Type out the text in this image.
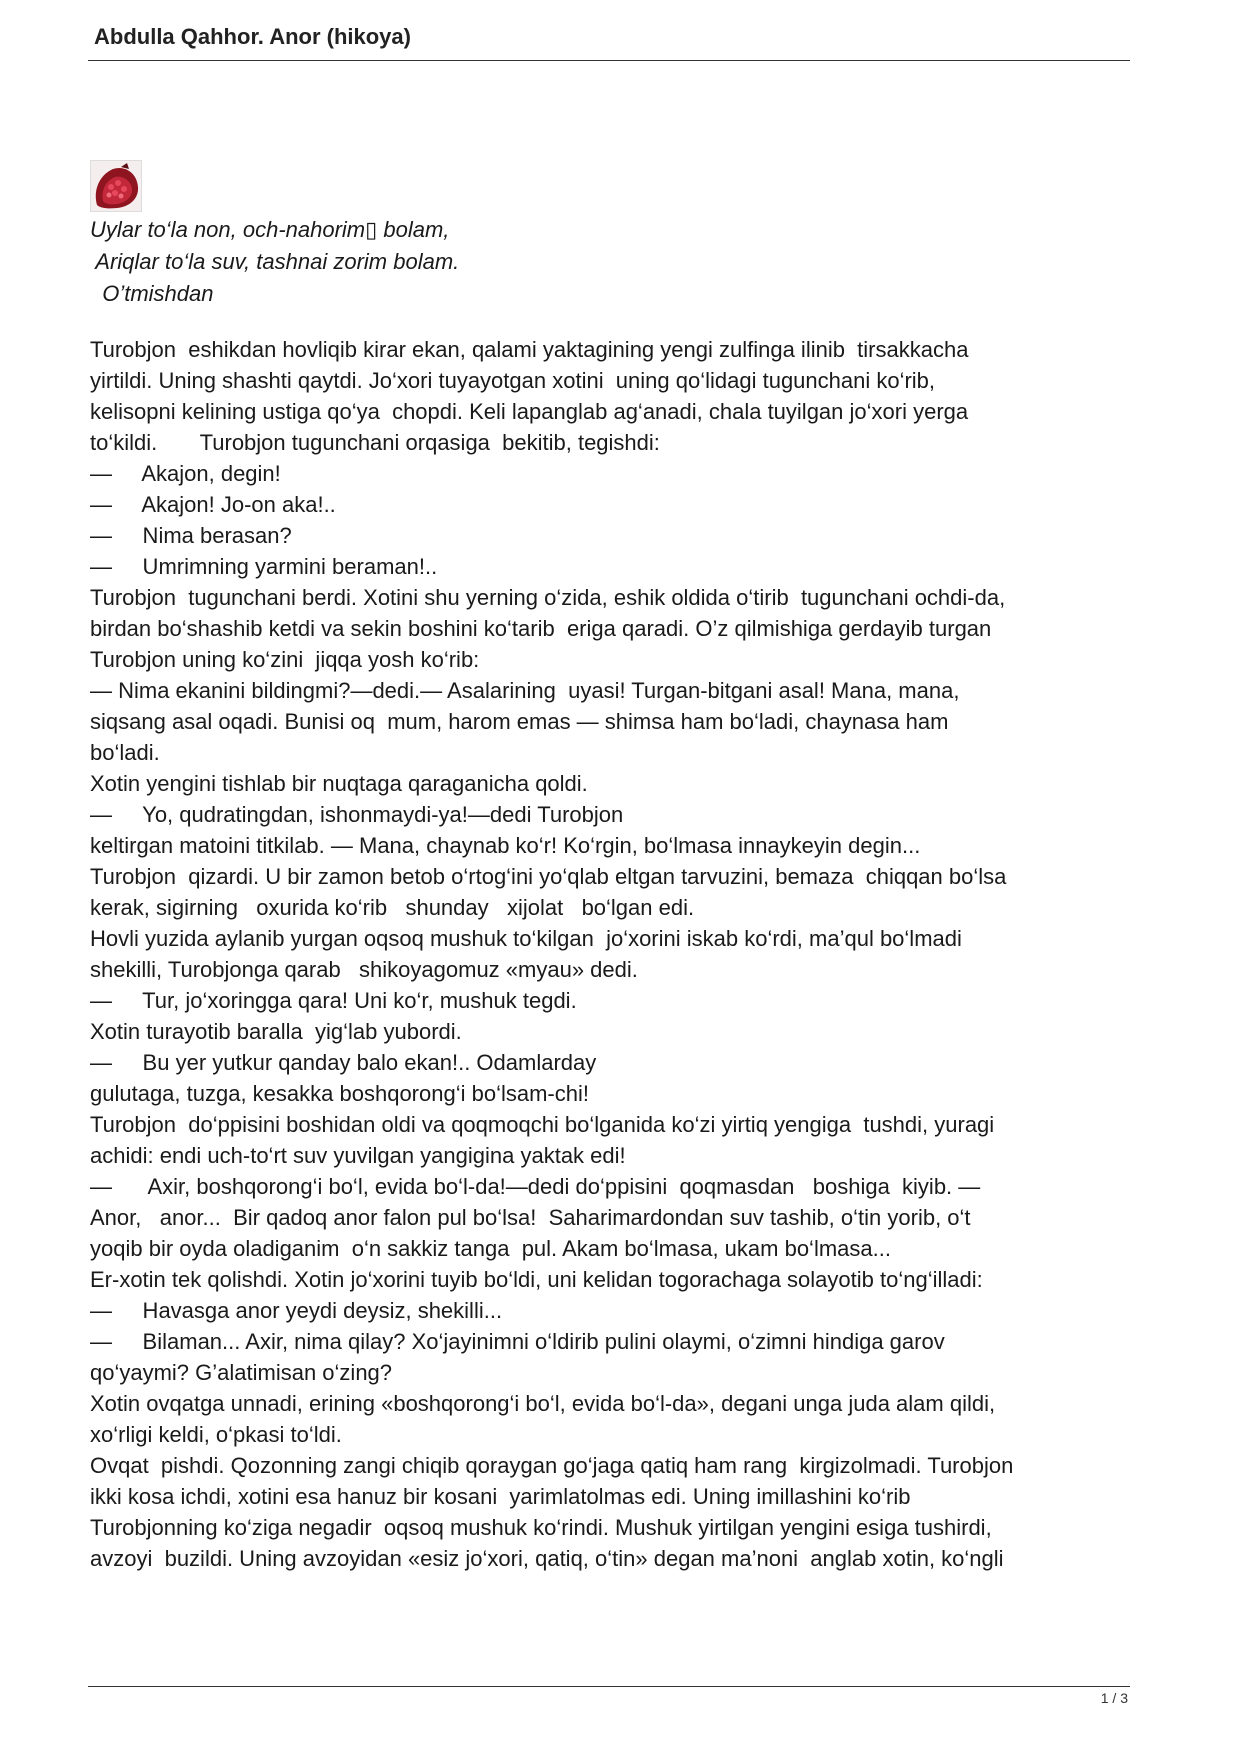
Abdulla Qahhor. Anor (hikoya)
Uylar to‘la non, och-nahorim▯ bolam,
Ariqlar to‘la suv, tashnai zorim bolam.
O’tmishdan
Turobjon  eshikdan hovliqib kirar ekan, qalami yaktagining yengi zulfinga ilinib  tirsakkacha
yirtildi. Uning shashti qaytdi. Jo‘xori tuyayotgan xotini  uning qo‘lidagi tugunchani ko‘rib,
kelisopni kelining ustiga qo‘ya  chopdi. Keli lapanglab ag‘anadi, chala tuyilgan jo‘xori yerga
to‘kildi.       Turobjon tugunchani orqasiga  bekitib, tegishdi:
—     Akajon, degin!
—     Akajon! Jo-on aka!..
—     Nima berasan?
—     Umrimning yarmini beraman!..
Turobjon  tugunchani berdi. Xotini shu yerning o‘zida, eshik oldida o‘tirib  tugunchani ochdi-da,
birdan bo‘shashib ketdi va sekin boshini ko‘tarib  eriga qaradi. O’z qilmishiga gerdayib turgan
Turobjon uning ko‘zini  jiqqa yosh ko‘rib:
— Nima ekanini bildingmi?—dedi.— Asalarining  uyasi! Turgan-bitgani asal! Mana, mana,
siqsang asal oqadi. Bunisi oq  mum, harom emas — shimsa ham bo‘ladi, chaynasa ham
bo‘ladi.
Xotin yengini tishlab bir nuqtaga qaraganicha qoldi.
—     Yo, qudratingdan, ishonmaydi-ya!—dedi Turobjon
keltirgan matoini titkilab. — Mana, chaynab ko‘r! Ko‘rgin, bo‘lmasa innaykeyin degin...
Turobjon  qizardi. U bir zamon betob o‘rtog‘ini yo‘qlab eltgan tarvuzini, bemaza  chiqqan bo‘lsa
kerak, sigirning   oxurida ko‘rib   shunday   xijolat   bo‘lgan edi.
Hovli yuzida aylanib yurgan oqsoq mushuk to‘kilgan  jo‘xorini iskab ko‘rdi, ma’qul bo‘lmadi
shekilli, Turobjonga qarab   shikoyagomuz «myau» dedi.
—     Tur, jo‘xoringga qara! Uni ko‘r, mushuk tegdi.
Xotin turayotib baralla  yig‘lab yubordi.
—     Bu yer yutkur qanday balo ekan!.. Odamlarday
gulutaga, tuzga, kesakka boshqorong‘i bo‘lsam-chi!
Turobjon  do‘ppisini boshidan oldi va qoqmoqchi bo‘lganida ko‘zi yirtiq yengiga  tushdi, yuragi
achidi: endi uch-to‘rt suv yuvilgan yangigina yaktak edi!
—      Axir, boshqorong‘i bo‘l, evida bo‘l-da!—dedi do‘ppisini  qoqmasdan   boshiga  kiyib. —
Anor,   anor...  Bir qadoq anor falon pul bo‘lsa!  Saharimardondan suv tashib, o‘tin yorib, o‘t
yoqib bir oyda oladiganim  o‘n sakkiz tanga  pul. Akam bo‘lmasa, ukam bo‘lmasa...
Er-xotin tek qolishdi. Xotin jo‘xorini tuyib bo‘ldi, uni kelidan togorachaga solayotib to‘ng‘illadi:
—     Havasga anor yeydi deysiz, shekilli...
—     Bilaman... Axir, nima qilay? Xo‘jayinimni o‘ldirib pulini olaymi, o‘zimni hindiga garov
qo‘yaymi? G’alatimisan o‘zing?
Xotin ovqatga unnadi, erining «boshqorong‘i bo‘l, evida bo‘l-da», degani unga juda alam qildi,
xo‘rligi keldi, o‘pkasi to‘ldi.
Ovqat  pishdi. Qozonning zangi chiqib qoraygan go‘jaga qatiq ham rang  kirgizolmadi. Turobjon
ikki kosa ichdi, xotini esa hanuz bir kosani  yarimlatolmas edi. Uning imillashini ko‘rib
Turobjonning ko‘ziga negadir  oqsoq mushuk ko‘rindi. Mushuk yirtilgan yengini esiga tushirdi,
avzoyi  buzildi. Uning avzoyidan «esiz jo‘xori, qatiq, o‘tin» degan ma’noni  anglab xotin, ko‘ngli
1 / 3
